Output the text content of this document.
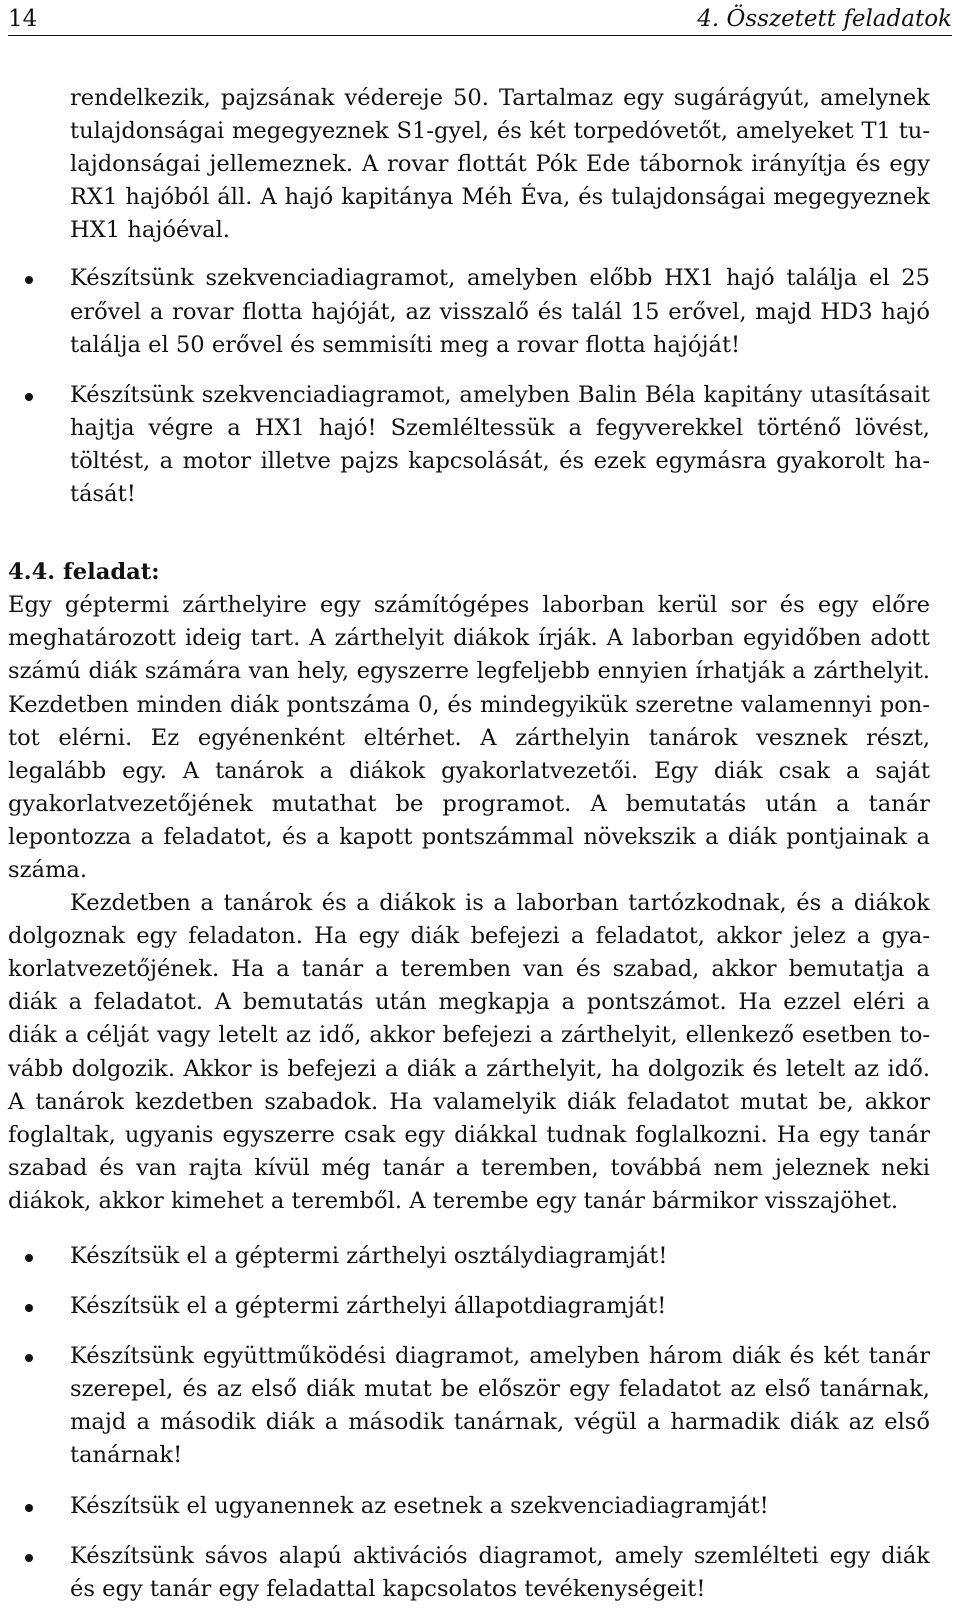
14	4. Összetett feladatok

rendelkezik, pajzsának védereje 50. Tartalmaz egy sugárágyút, amelynek tulajdonságai megegyeznek S1-gyel, és két torpedóvetőt, amelyeket T1 tulajdonságai jellemeznek. A rovar flottát Pók Ede tábornok irányítja és egy RX1 hajóból áll. A hajó kapitánya Méh Éva, és tulajdonságai megegyeznek HX1 hajóéval.

Készítsünk szekvenciadiagramot, amelyben előbb HX1 hajó találja el 25 erővel a rovar flotta hajóját, az visszalő és talál 15 erővel, majd HD3 hajó találja el 50 erővel és semmisíti meg a rovar flotta hajóját!
Készítsünk szekvenciadiagramot, amelyben Balin Béla kapitány utasításait hajtja végre a HX1 hajó! Szemléltessük a fegyverekkel történő lövést, töltést, a motor illetve pajzs kapcsolását, és ezek egymásra gyakorolt hatását!

4.4. feladat:

Egy géptermi zárthelyire egy számítógépes laborban kerül sor és egy előre meghatározott ideig tart. A zárthelyit diákok írják. A laborban egyidőben adott számú diák számára van hely, egyszerre legfeljebb ennyien írhatják a zárthelyit. Kezdetben minden diák pontszáma 0, és mindegyikük szeretne valamennyi pontot elérni. Ez egyénenként eltérhet. A zárthelyin tanárok vesznek részt, legalább egy. A tanárok a diákok gyakorlatvezetői. Egy diák csak a saját gyakorlatvezetőjének mutathat be programot. A bemutatás után a tanár lepontozza a feladatot, és a kapott pontszámmal növekszik a diák pontjainak a száma.

Kezdetben a tanárok és a diákok is a laborban tartózkodnak, és a diákok dolgoznak egy feladaton. Ha egy diák befejezi a feladatot, akkor jelez a gyakorlatvezetőjének. Ha a tanár a teremben van és szabad, akkor bemutatja a diák a feladatot. A bemutatás után megkapja a pontszámot. Ha ezzel eléri a diák a célját vagy letelt az idő, akkor befejezi a zárthelyit, ellenkező esetben tovább dolgozik. Akkor is befejezi a diák a zárthelyit, ha dolgozik és letelt az idő. A tanárok kezdetben szabadok. Ha valamelyik diák feladatot mutat be, akkor foglaltak, ugyanis egyszerre csak egy diákkal tudnak foglalkozni. Ha egy tanár szabad és van rajta kívül még tanár a teremben, továbbá nem jeleznek neki diákok, akkor kimehet a teremből. A terembe egy tanár bármikor visszajöhet.

Készítsük el a géptermi zárthelyi osztálydiagramját!
Készítsük el a géptermi zárthelyi állapotdiagramját!
Készítsünk együttműködési diagramot, amelyben három diák és két tanár szerepel, és az első diák mutat be először egy feladatot az első tanárnak, majd a második diák a második tanárnak, végül a harmadik diák az első tanárnak!
Készítsük el ugyanennek az esetnek a szekvenciadiagramját!
Készítsünk sávos alapú aktivációs diagramot, amely szemlélteti egy diák és egy tanár egy feladattal kapcsolatos tevékenységeit!
